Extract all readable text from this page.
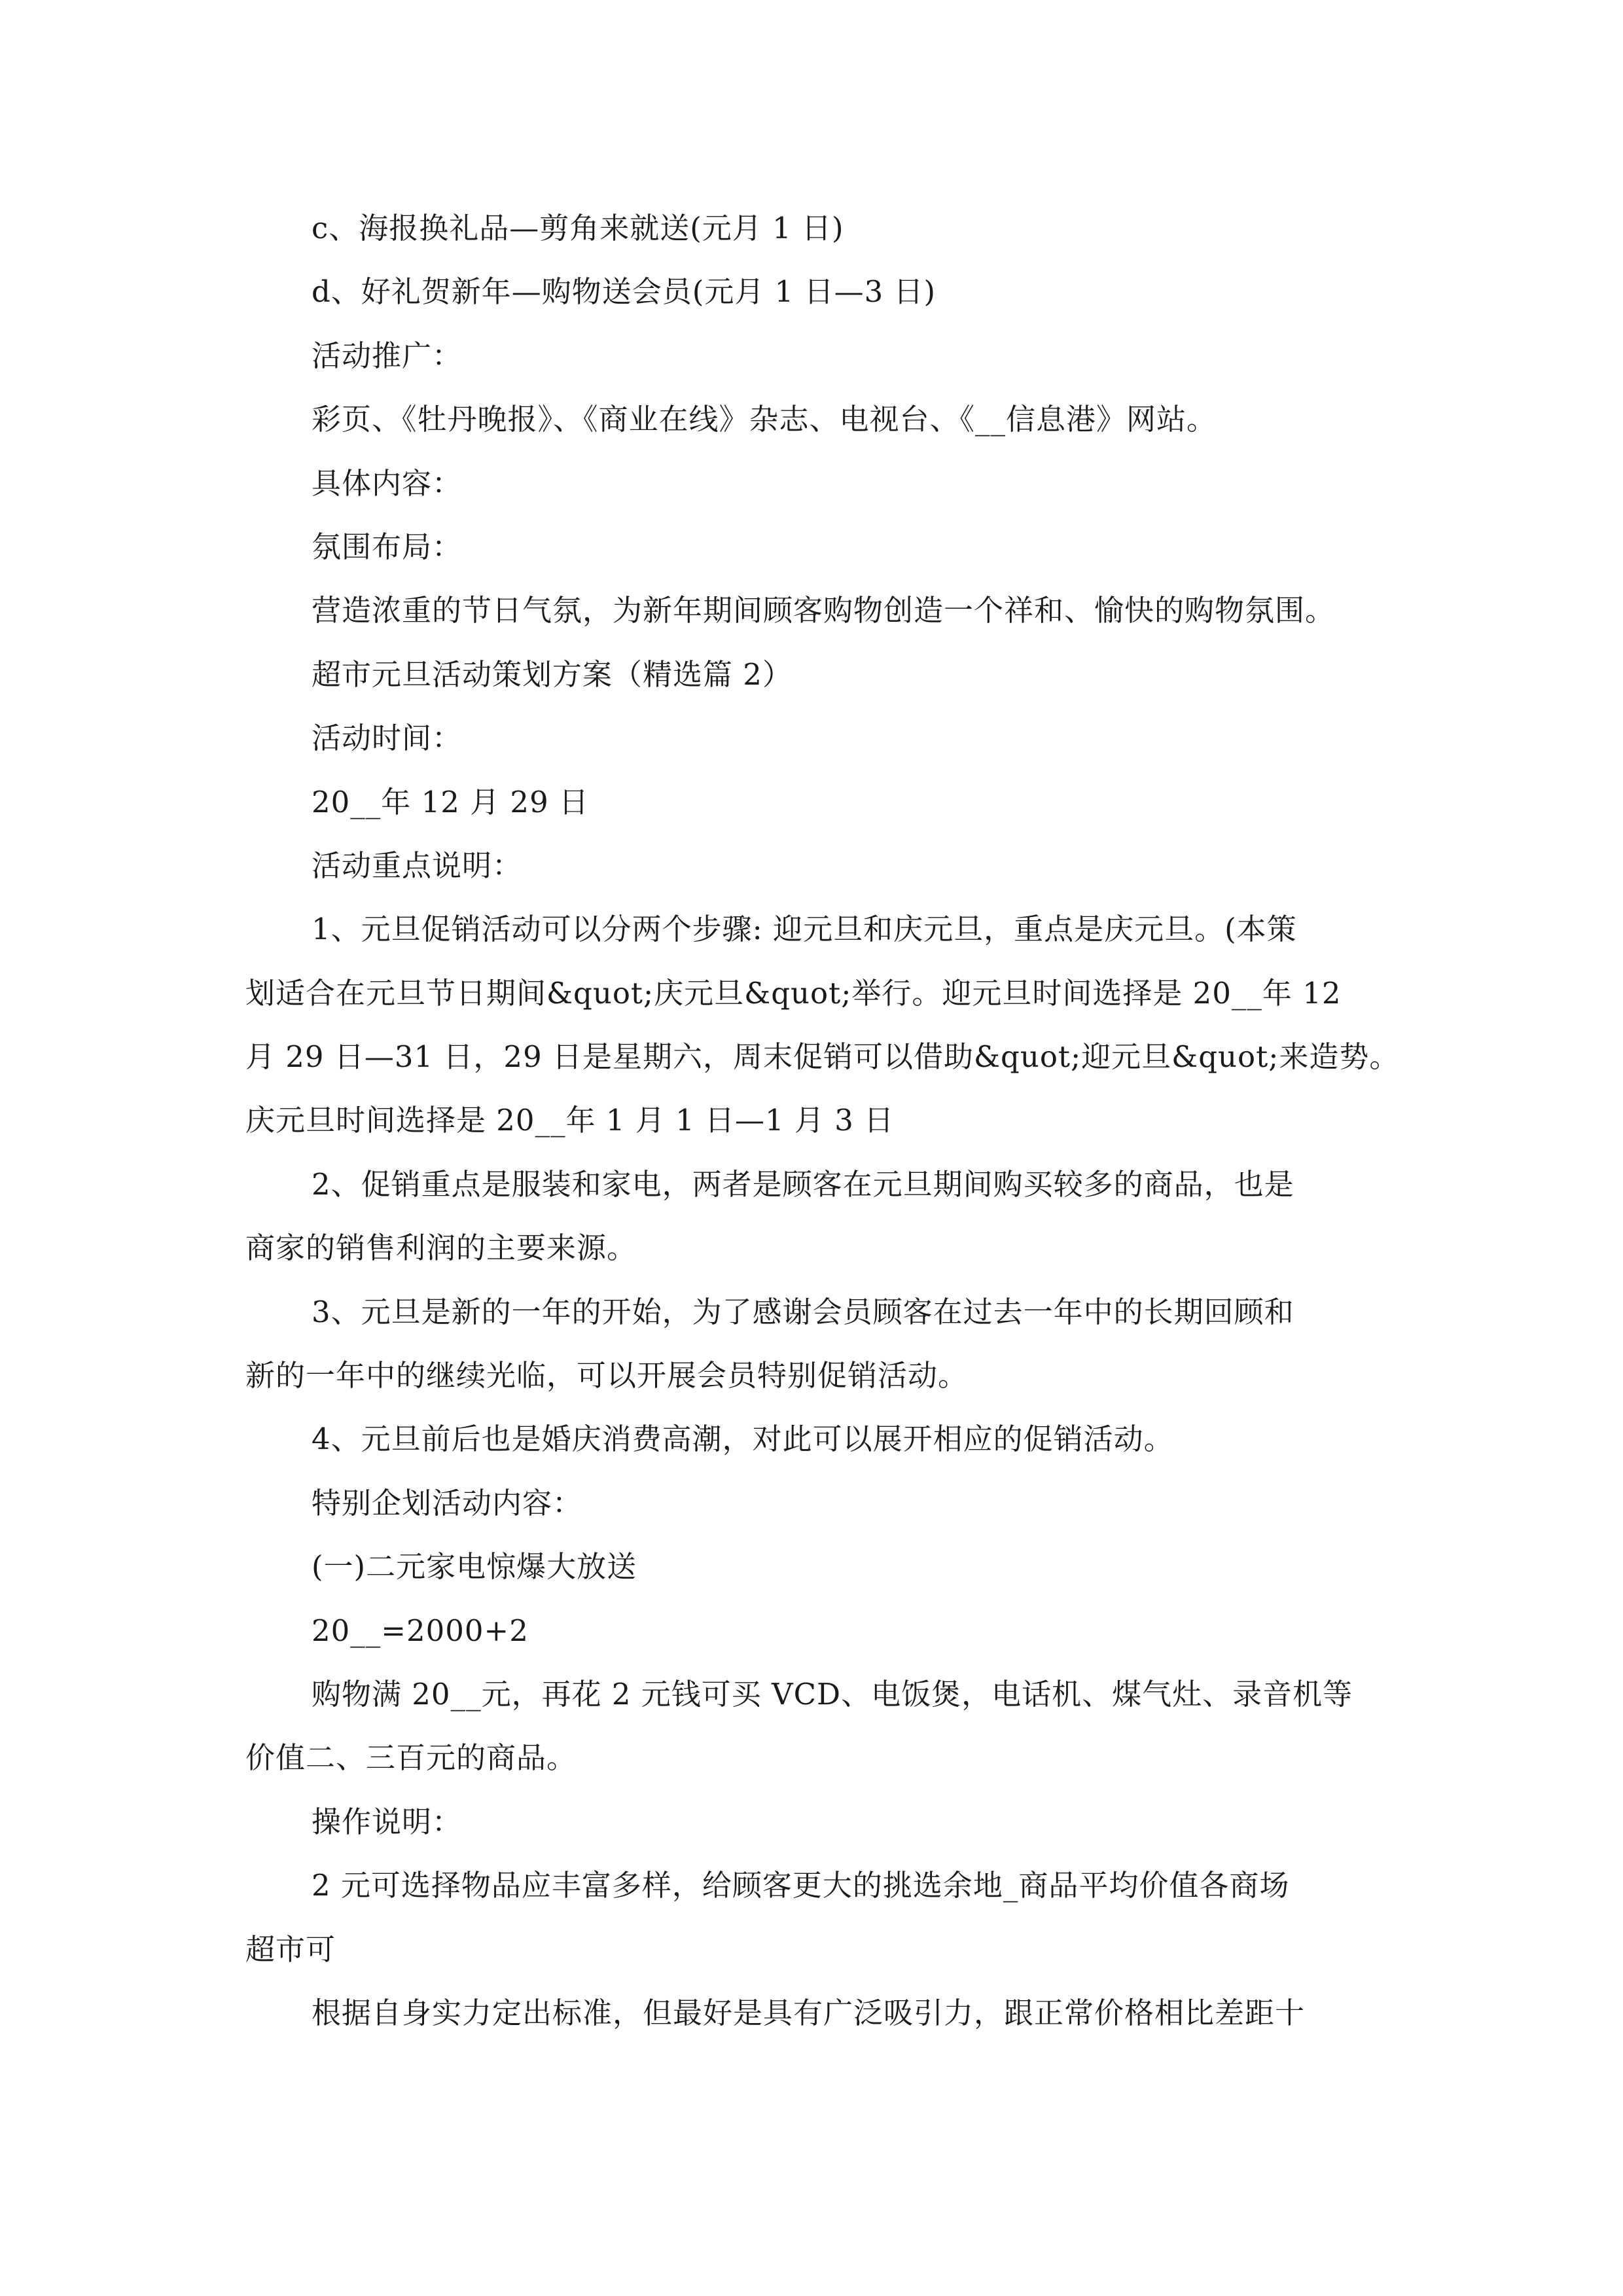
c、海报换礼品—剪角来就送(元月 1 日)
d、好礼贺新年—购物送会员(元月 1 日—3 日)
活动推广：
彩页、《牡丹晚报》、《商业在线》杂志、电视台、《__信息港》网站。
具体内容：
氛围布局：
营造浓重的节日气氛，为新年期间顾客购物创造一个祥和、愉快的购物氛围。
超市元旦活动策划方案（精选篇 2）
活动时间：
20__年 12 月 29 日
活动重点说明：
1、元旦促销活动可以分两个步骤: 迎元旦和庆元旦，重点是庆元旦。(本策
划适合在元旦节日期间&quot;庆元旦&quot;举行。迎元旦时间选择是 20__年 12
月 29 日—31 日，29 日是星期六，周末促销可以借助&quot;迎元旦&quot;来造势。
庆元旦时间选择是 20__年 1 月 1 日—1 月 3 日
2、促销重点是服装和家电，两者是顾客在元旦期间购买较多的商品，也是
商家的销售利润的主要来源。
3、元旦是新的一年的开始，为了感谢会员顾客在过去一年中的长期回顾和
新的一年中的继续光临，可以开展会员特别促销活动。
4、元旦前后也是婚庆消费高潮，对此可以展开相应的促销活动。
特别企划活动内容：
(一)二元家电惊爆大放送
20__=2000+2
购物满 20__元，再花 2 元钱可买 VCD、电饭煲，电话机、煤气灶、录音机等
价值二、三百元的商品。
操作说明：
2 元可选择物品应丰富多样，给顾客更大的挑选余地_商品平均价值各商场
超市可
根据自身实力定出标准，但最好是具有广泛吸引力，跟正常价格相比差距十
